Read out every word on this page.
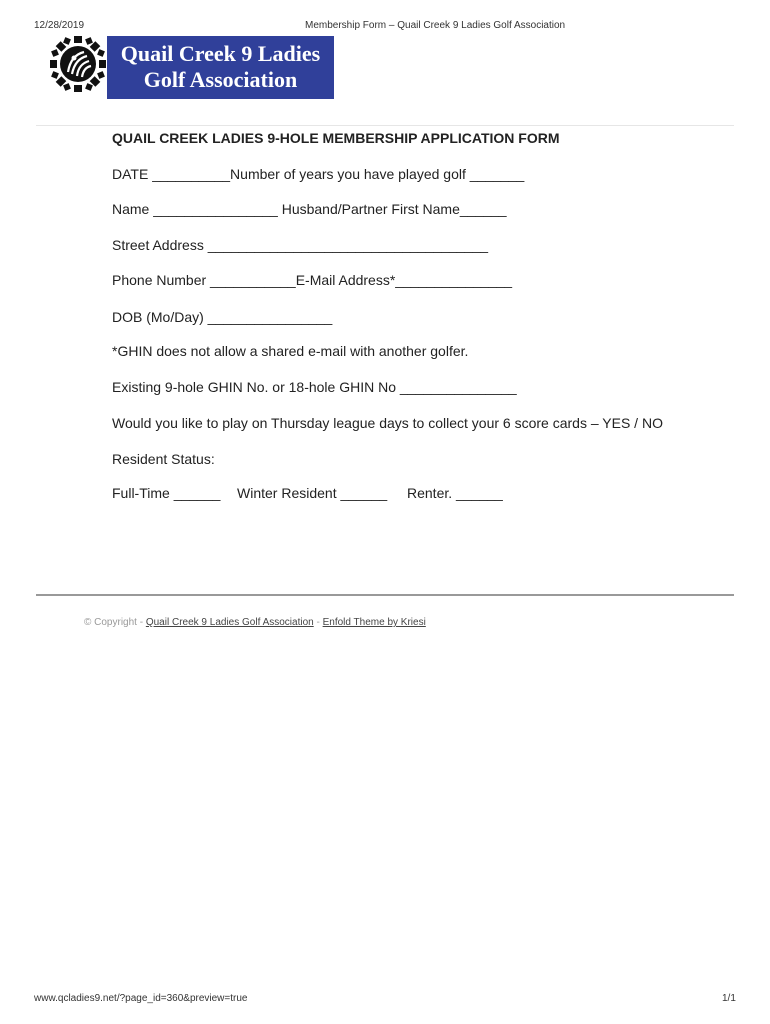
12/28/2019	Membership Form – Quail Creek 9 Ladies Golf Association
Quail Creek 9 Ladies
Golf Association
QUAIL CREEK LADIES 9-HOLE MEMBERSHIP APPLICATION FORM
DATE __________Number of years you have played golf _______
Name ________________ Husband/Partner First Name______
Street Address ____________________________________
Phone Number ___________E-Mail Address*_______________
DOB (Mo/Day) ________________
*GHIN does not allow a shared e-mail with another golfer.
Existing 9-hole GHIN No. or 18-hole GHIN No _______________
Would you like to play on Thursday league days to collect your 6 score cards – YES / NO
Resident Status:
Full-Time ______ Winter Resident ______ Renter. ______
© Copyright - Quail Creek 9 Ladies Golf Association - Enfold Theme by Kriesi
www.qcladies9.net/?page_id=360&preview=true	1/1
